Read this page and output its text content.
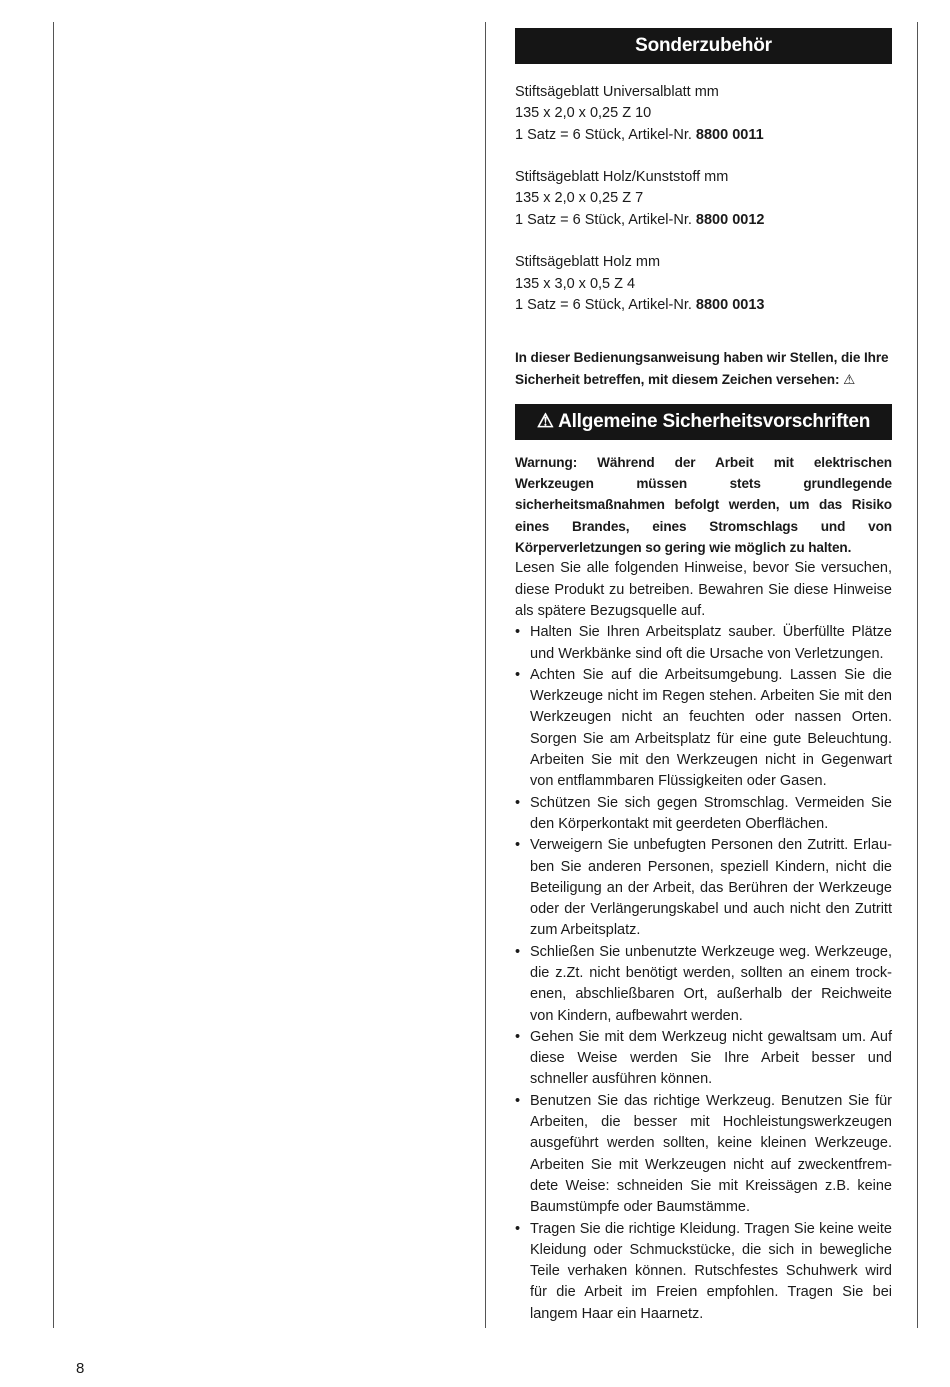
Sonderzubehör
Stiftsägeblatt Universalblatt mm
135 x 2,0 x 0,25 Z 10
1 Satz = 6 Stück, Artikel-Nr. 8800 0011
Stiftsägeblatt Holz/Kunststoff mm
135 x 2,0 x 0,25 Z 7
1 Satz = 6 Stück, Artikel-Nr. 8800 0012
Stiftsägeblatt Holz mm
135 x 3,0 x 0,5 Z 4
1 Satz = 6 Stück, Artikel-Nr. 8800 0013
In dieser Bedienungsanweisung haben wir Stellen, die Ihre Sicherheit betreffen, mit diesem Zeichen versehen: ⚠
⚠ Allgemeine Sicherheitsvorschriften
Warnung: Während der Arbeit mit elektrischen Werkzeugen müssen stets grundlegende sicherheitsmaßnahmen befolgt werden, um das Risiko eines Brandes, eines Stromschlags und von Körperverletzungen so gering wie möglich zu halten.
Lesen Sie alle folgenden Hinweise, bevor Sie versuchen, diese Produkt zu betreiben. Bewahren Sie diese Hinweise als spätere Bezugsquelle auf.
• Halten Sie Ihren Arbeitsplatz sauber. Überfüllte Plätze und Werkbänke sind oft die Ursache von Verletzungen.
• Achten Sie auf die Arbeitsumgebung. Lassen Sie die Werkzeuge nicht im Regen stehen. Arbeiten Sie mit den Werkzeugen nicht an feuchten oder nassen Orten. Sorgen Sie am Arbeitsplatz für eine gute Beleuchtung. Arbeiten Sie mit den Werkzeugen nicht in Gegenwart von entflammbaren Flüssigkeiten oder Gasen.
• Schützen Sie sich gegen Stromschlag. Vermeiden Sie den Körperkontakt mit geerdeten Oberflächen.
• Verweigern Sie unbefugten Personen den Zutritt. Erlauben Sie anderen Personen, speziell Kindern, nicht die Beteiligung an der Arbeit, das Berühren der Werkzeuge oder der Verlängerungskabel und auch nicht den Zutritt zum Arbeitsplatz.
• Schließen Sie unbenutzte Werkzeuge weg. Werkzeuge, die z.Zt. nicht benötigt werden, sollten an einem trockenen, abschließbaren Ort, außerhalb der Reichweite von Kindern, aufbewahrt werden.
• Gehen Sie mit dem Werkzeug nicht gewaltsam um. Auf diese Weise werden Sie Ihre Arbeit besser und schneller ausführen können.
• Benutzen Sie das richtige Werkzeug. Benutzen Sie für Arbeiten, die besser mit Hochleistungswerkzeugen ausgeführt werden sollten, keine kleinen Werkzeuge. Arbeiten Sie mit Werkzeugen nicht auf zweckentfremdete Weise: schneiden Sie mit Kreissägen z.B. keine Baumstümpfe oder Baumstämme.
• Tragen Sie die richtige Kleidung. Tragen Sie keine weite Kleidung oder Schmuckstücke, die sich in bewegliche Teile verhaken können. Rutschfestes Schuhwerk wird für die Arbeit im Freien empfohlen. Tragen Sie bei langem Haar ein Haarnetz.
8
